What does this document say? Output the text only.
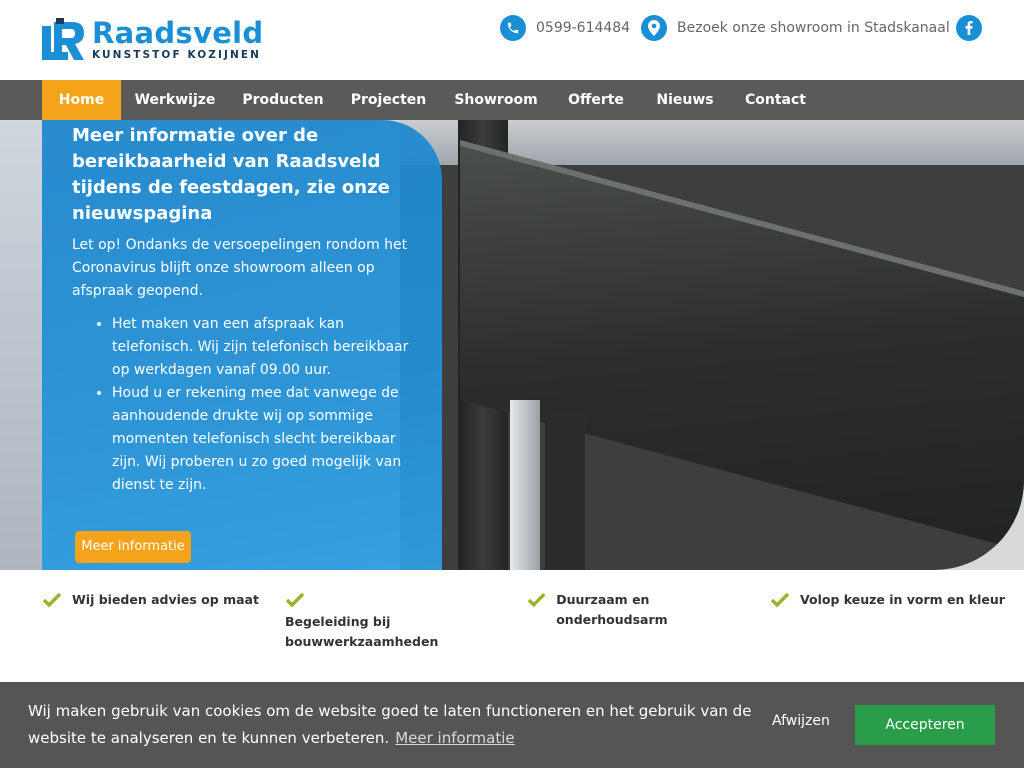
Raadsveld
KUNSTSTOF KOZIJNEN
0599-614484	Bezoek onze showroom in Stadskanaal
Home	Werkwijze	Producten	Projecten	Showroom	Offerte	Nieuws	Contact
Meer informatie over de bereikbaarheid van Raadsveld tijdens de feestdagen, zie onze nieuwspagina
Let op! Ondanks de versoepelingen rondom het Coronavirus blijft onze showroom alleen op afspraak geopend.
• Het maken van een afspraak kan telefonisch. Wij zijn telefonisch bereikbaar op werkdagen vanaf 09.00 uur.
• Houd u er rekening mee dat vanwege de aanhoudende drukte wij op sommige momenten telefonisch slecht bereikbaar zijn. Wij proberen u zo goed mogelijk van dienst te zijn.
Meer informatie
Wij bieden advies op maat
Begeleiding bij bouwwerkzaamheden
Duurzaam en onderhoudsarm
Volop keuze in vorm en kleur
Wij maken gebruik van cookies om de website goed te laten functioneren en het gebruik van de website te analyseren en te kunnen verbeteren. Meer informatie
Afwijzen	Accepteren
